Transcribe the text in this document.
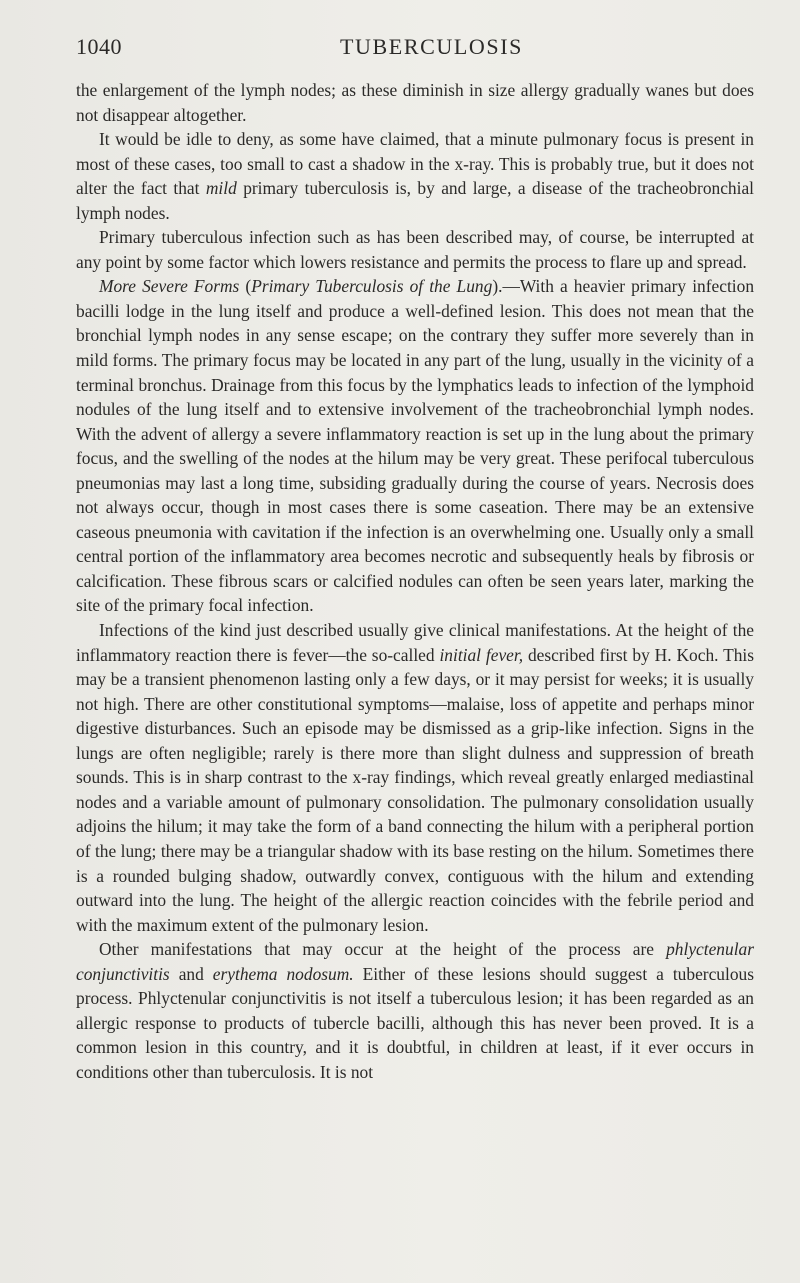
1040	TUBERCULOSIS

the enlargement of the lymph nodes; as these diminish in size allergy gradually wanes but does not disappear altogether.

It would be idle to deny, as some have claimed, that a minute pulmonary focus is present in most of these cases, too small to cast a shadow in the x-ray. This is probably true, but it does not alter the fact that mild primary tuberculosis is, by and large, a disease of the tracheobronchial lymph nodes.

Primary tuberculous infection such as has been described may, of course, be interrupted at any point by some factor which lowers resistance and permits the process to flare up and spread.

More Severe Forms (Primary Tuberculosis of the Lung).—With a heavier primary infection bacilli lodge in the lung itself and produce a well-defined lesion. This does not mean that the bronchial lymph nodes in any sense escape; on the contrary they suffer more severely than in mild forms. The primary focus may be located in any part of the lung, usually in the vicinity of a terminal bronchus. Drainage from this focus by the lymphatics leads to infection of the lymphoid nodules of the lung itself and to extensive involvement of the tracheobronchial lymph nodes. With the advent of allergy a severe inflammatory reaction is set up in the lung about the primary focus, and the swelling of the nodes at the hilum may be very great. These perifocal tuberculous pneumonias may last a long time, subsiding gradually during the course of years. Necrosis does not always occur, though in most cases there is some caseation. There may be an extensive caseous pneumonia with cavitation if the infection is an overwhelming one. Usually only a small central portion of the inflammatory area becomes necrotic and subsequently heals by fibrosis or calcification. These fibrous scars or calcified nodules can often be seen years later, marking the site of the primary focal infection.

Infections of the kind just described usually give clinical manifestations. At the height of the inflammatory reaction there is fever—the so-called initial fever, described first by H. Koch. This may be a transient phenomenon lasting only a few days, or it may persist for weeks; it is usually not high. There are other constitutional symptoms—malaise, loss of appetite and perhaps minor digestive disturbances. Such an episode may be dismissed as a grip-like infection. Signs in the lungs are often negligible; rarely is there more than slight dulness and suppression of breath sounds. This is in sharp contrast to the x-ray findings, which reveal greatly enlarged mediastinal nodes and a variable amount of pulmonary consolidation. The pulmonary consolidation usually adjoins the hilum; it may take the form of a band connecting the hilum with a peripheral portion of the lung; there may be a triangular shadow with its base resting on the hilum. Sometimes there is a rounded bulging shadow, outwardly convex, contiguous with the hilum and extending outward into the lung. The height of the allergic reaction coincides with the febrile period and with the maximum extent of the pulmonary lesion.

Other manifestations that may occur at the height of the process are phlyctenular conjunctivitis and erythema nodosum. Either of these lesions should suggest a tuberculous process. Phlyctenular conjunctivitis is not itself a tuberculous lesion; it has been regarded as an allergic response to products of tubercle bacilli, although this has never been proved. It is a common lesion in this country, and it is doubtful, in children at least, if it ever occurs in conditions other than tuberculosis. It is not
